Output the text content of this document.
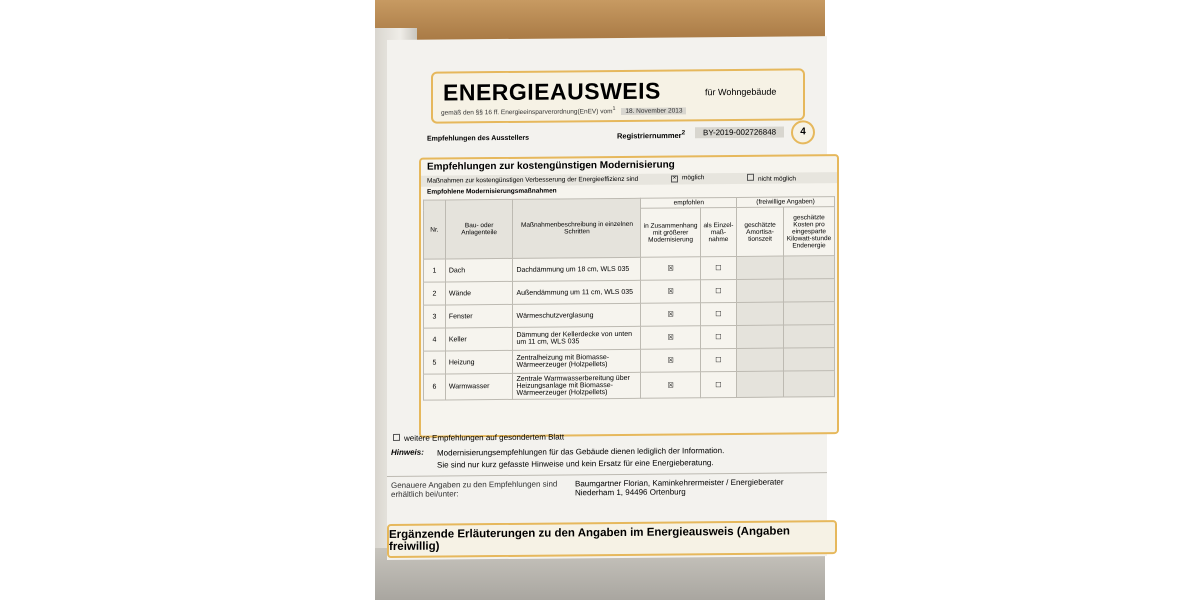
ENERGIEAUSWEIS	für Wohngebäude
gemäß den §§ 16 ff. Energieeinsparverordnung(EnEV) vom$^1$ 18. November 2013
Empfehlungen des Ausstellers	Registriernummer$^2$	BY-2019-002726848	4
Empfehlungen zur kostengünstigen Modernisierung
Maßnahmen zur kostengünstigen Verbesserung der Energieeffizienz sind	× möglich	nicht möglich
Empfohlene Modernisierungsmaßnahmen
Nr.	Bau- oder Anlagenteile	Maßnahmenbeschreibung in einzelnen Schritten	empfohlen		(freiwillige Angaben)	
			in Zusammenhang mit größerer Modernisierung	als Einzel-maß-nahme	geschätzte Amortisa-tionszeit	geschätzte Kosten pro eingesparte Kilowatt-stunde Endenergie
1	Dach	Dachdämmung um 18 cm, WLS 035	☒	☐		
2	Wände	Außendämmung um 11 cm, WLS 035	☒	☐		
3	Fenster	Wärmeschutzverglasung	☒	☐		
4	Keller	Dämmung der Kellerdecke von unten um 11 cm, WLS 035	☒	☐		
5	Heizung	Zentralheizung mit Biomasse-Wärmeerzeuger (Holzpellets)	☒	☐		
6	Warmwasser	Zentrale Warmwasserbereitung über Heizungsanlage mit Biomasse-Wärmeerzeuger (Holzpellets)	☒	☐		
weitere Empfehlungen auf gesondertem Blatt
Hinweis: Modernisierungsempfehlungen für das Gebäude dienen lediglich der Information.
Sie sind nur kurz gefasste Hinweise und kein Ersatz für eine Energieberatung.
Genauere Angaben zu den Empfehlungen sind erhältlich bei/unter:
Baumgartner Florian, Kaminkehrermeister / Energieberater
Niederham 1, 94496 Ortenburg
Ergänzende Erläuterungen zu den Angaben im Energieausweis (Angaben freiwillig)
